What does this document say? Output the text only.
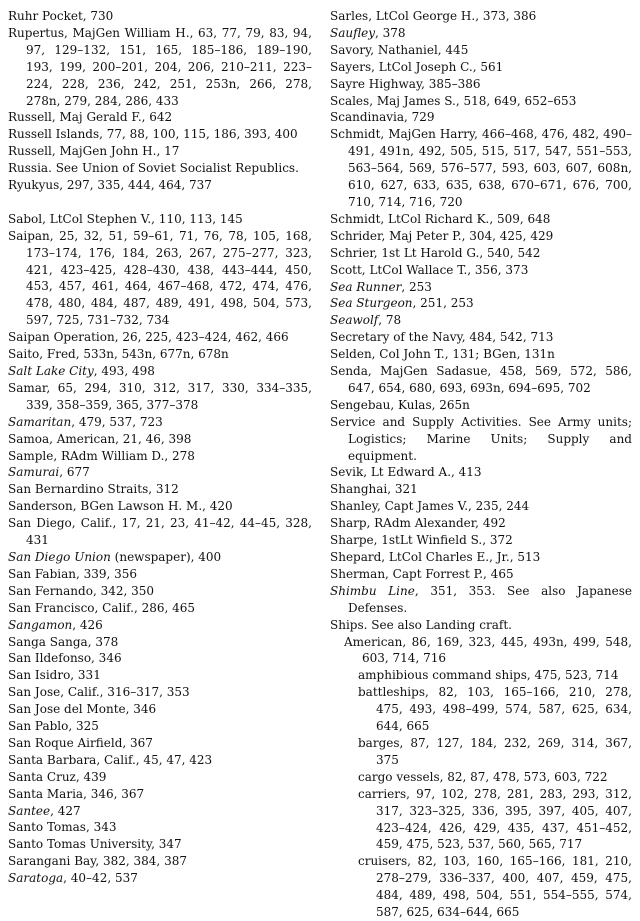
Ruhr Pocket, 730

Rupertus, MajGen William H., 63, 77, 79, 83, 94, 97, 129–132, 151, 165, 185–186, 189–190, 193, 199, 200–201, 204, 206, 210–211, 223–224, 228, 236, 242, 251, 253n, 266, 278, 278n, 279, 284, 286, 433

Russell, Maj Gerald F., 642

Russell Islands, 77, 88, 100, 115, 186, 393, 400

Russell, MajGen John H., 17

Russia. See Union of Soviet Socialist Republics.

Ryukyus, 297, 335, 444, 464, 737

Sabol, LtCol Stephen V., 110, 113, 145

Saipan, 25, 32, 51, 59–61, 71, 76, 78, 105, 168, 173–174, 176, 184, 263, 267, 275–277, 323, 421, 423–425, 428–430, 438, 443–444, 450, 453, 457, 461, 464, 467–468, 472, 474, 476, 478, 480, 484, 487, 489, 491, 498, 504, 573, 597, 725, 731–732, 734

Saipan Operation, 26, 225, 423–424, 462, 466

Saito, Fred, 533n, 543n, 677n, 678n

Salt Lake City, 493, 498

Samar, 65, 294, 310, 312, 317, 330, 334–335, 339, 358–359, 365, 377–378

Samaritan, 479, 537, 723

Samoa, American, 21, 46, 398

Sample, RAdm William D., 278

Samurai, 677

San Bernardino Straits, 312

Sanderson, BGen Lawson H. M., 420

San Diego, Calif., 17, 21, 23, 41–42, 44–45, 328, 431

San Diego Union (newspaper), 400

San Fabian, 339, 356

San Fernando, 342, 350

San Francisco, Calif., 286, 465

Sangamon, 426

Sanga Sanga, 378

San Ildefonso, 346

San Isidro, 331

San Jose, Calif., 316–317, 353

San Jose del Monte, 346

San Pablo, 325

San Roque Airfield, 367

Santa Barbara, Calif., 45, 47, 423

Santa Cruz, 439

Santa Maria, 346, 367

Santee, 427

Santo Tomas, 343

Santo Tomas University, 347

Sarangani Bay, 382, 384, 387

Saratoga, 40–42, 537

Sarles, LtCol George H., 373, 386

Saufley, 378

Savory, Nathaniel, 445

Sayers, LtCol Joseph C., 561

Sayre Highway, 385–386

Scales, Maj James S., 518, 649, 652–653

Scandinavia, 729

Schmidt, MajGen Harry, 466–468, 476, 482, 490–491, 491n, 492, 505, 515, 517, 547, 551–553, 563–564, 569, 576–577, 593, 603, 607, 608n, 610, 627, 633, 635, 638, 670–671, 676, 700, 710, 714, 716, 720

Schmidt, LtCol Richard K., 509, 648

Schrider, Maj Peter P., 304, 425, 429

Schrier, 1st Lt Harold G., 540, 542

Scott, LtCol Wallace T., 356, 373

Sea Runner, 253

Sea Sturgeon, 251, 253

Seawolf, 78

Secretary of the Navy, 484, 542, 713

Selden, Col John T., 131; BGen, 131n

Senda, MajGen Sadasue, 458, 569, 572, 586, 647, 654, 680, 693, 693n, 694–695, 702

Sengebau, Kulas, 265n

Service and Supply Activities. See Army units; Logistics; Marine Units; Supply and equipment.

Sevik, Lt Edward A., 413

Shanghai, 321

Shanley, Capt James V., 235, 244

Sharp, RAdm Alexander, 492

Sharpe, 1stLt Winfield S., 372

Shepard, LtCol Charles E., Jr., 513

Sherman, Capt Forrest P., 465

Shimbu Line, 351, 353. See also Japanese Defenses.

Ships. See also Landing craft.

American, 86, 169, 323, 445, 493n, 499, 548, 603, 714, 716

amphibious command ships, 475, 523, 714

battleships, 82, 103, 165–166, 210, 278, 475, 493, 498–499, 574, 587, 625, 634, 644, 665

barges, 87, 127, 184, 232, 269, 314, 367, 375

cargo vessels, 82, 87, 478, 573, 603, 722

carriers, 97, 102, 278, 281, 283, 293, 312, 317, 323–325, 336, 395, 397, 405, 407, 423–424, 426, 429, 435, 437, 451–452, 459, 475, 523, 537, 560, 565, 717

cruisers, 82, 103, 160, 165–166, 181, 210, 278–279, 336–337, 400, 407, 459, 475, 484, 489, 498, 504, 551, 554–555, 574, 587, 625, 634–644, 665
